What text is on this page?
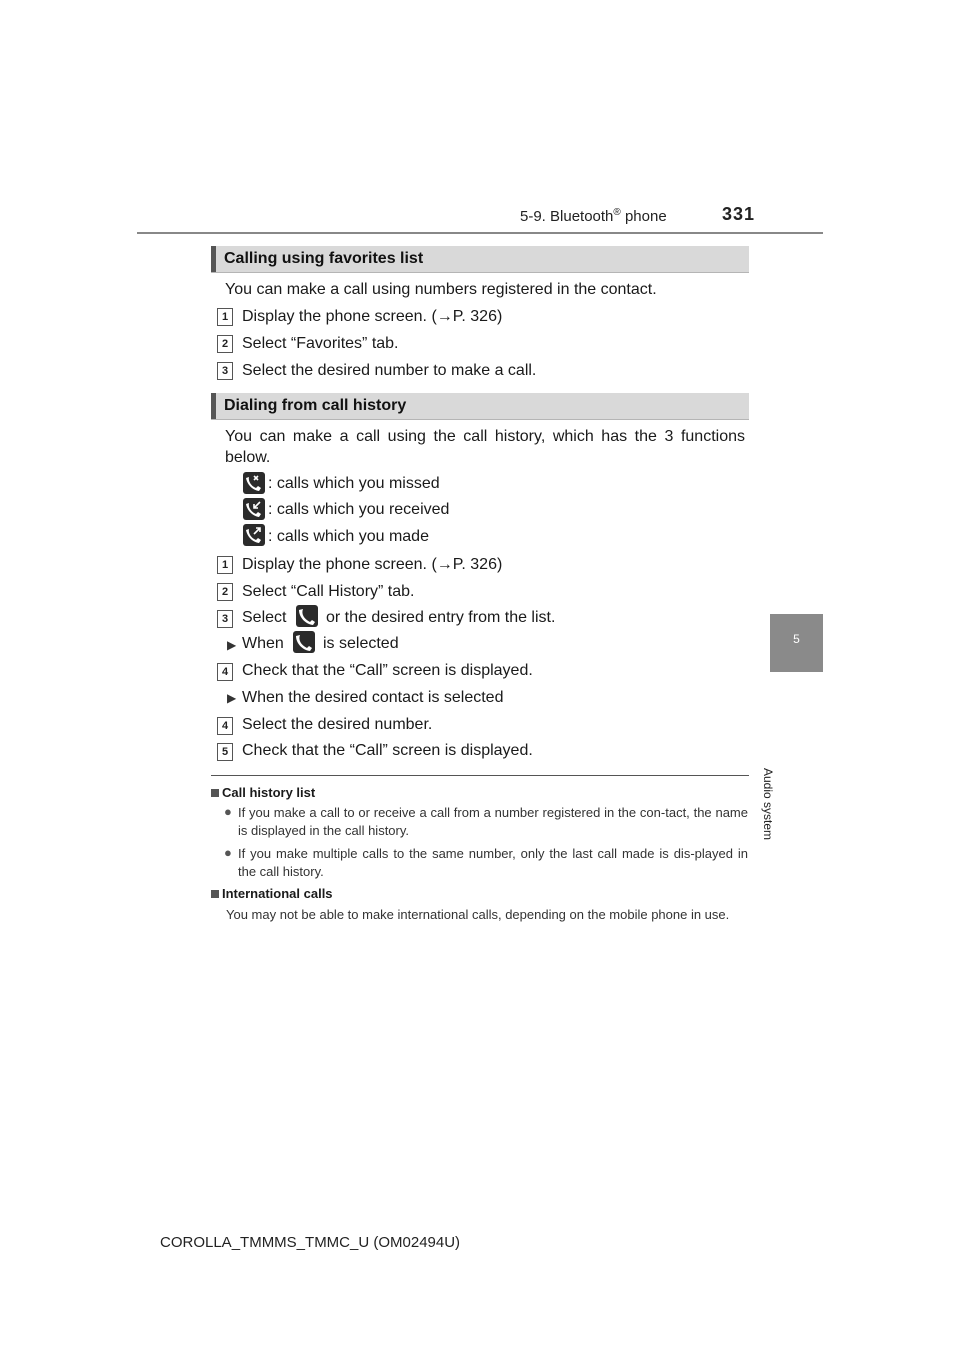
5-9. Bluetooth® phone	331
5
Audio system
Calling using favorites list
You can make a call using numbers registered in the contact.
1 Display the phone screen. (→P. 326)
2 Select “Favorites” tab.
3 Select the desired number to make a call.
Dialing from call history
You can make a call using the call history, which has the 3 functions below.
: calls which you missed
: calls which you received
: calls which you made
1 Display the phone screen. (→P. 326)
2 Select “Call History” tab.
3 Select or the desired entry from the list.
▶ When is selected
4 Check that the “Call” screen is displayed.
▶ When the desired contact is selected
4 Select the desired number.
5 Check that the “Call” screen is displayed.
Call history list
● If you make a call to or receive a call from a number registered in the con-tact, the name is displayed in the call history.
● If you make multiple calls to the same number, only the last call made is dis-played in the call history.
International calls
You may not be able to make international calls, depending on the mobile phone in use.
COROLLA_TMMMS_TMMC_U (OM02494U)
